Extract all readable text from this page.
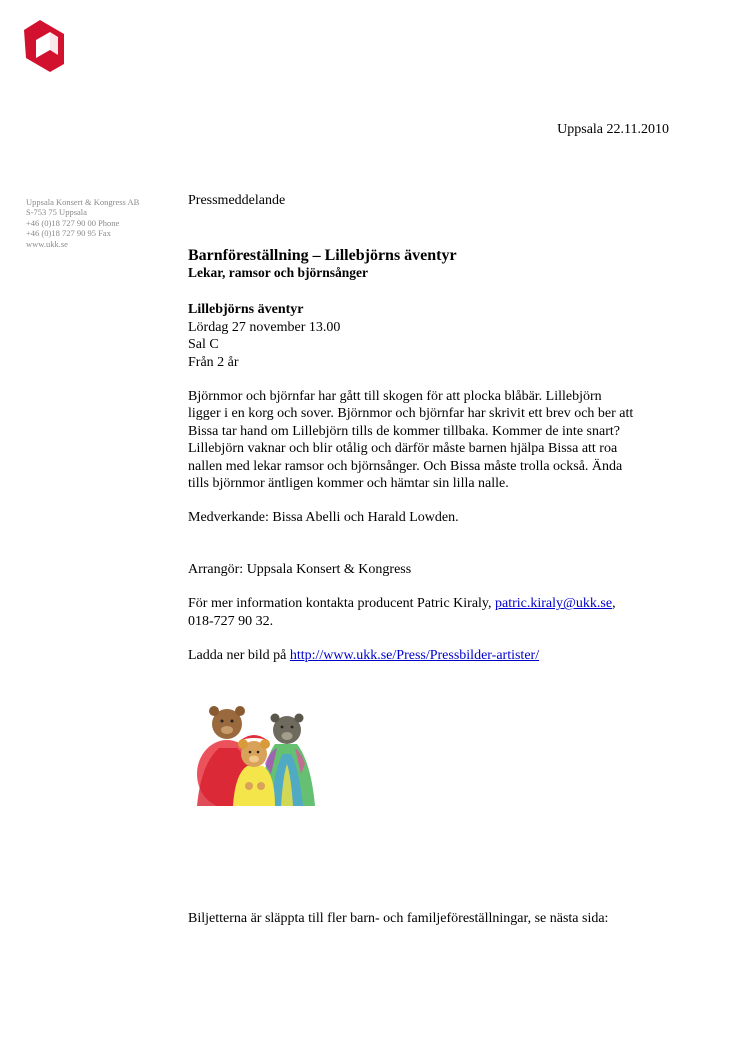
Uppsala 22.11.2010
Uppsala Konsert & Kongress AB
S-753 75 Uppsala
+46 (0)18 727 90 00 Phone
+46 (0)18 727 90 95 Fax
www.ukk.se

Pressmeddelande

Barnföreställning – Lillebjörns äventyr
Lekar, ramsor och björnsånger

Lillebjörns äventyr

Lördag 27 november 13.00

Sal C

Från 2 år

Björnmor och björnfar har gått till skogen för att plocka blåbär. Lillebjörn

ligger i en korg och sover. Björnmor och björnfar har skrivit ett brev och ber att

Bissa tar hand om Lillebjörn tills de kommer tillbaka. Kommer de inte snart?

Lillebjörn vaknar och blir otålig och därför måste barnen hjälpa Bissa att roa

nallen med lekar ramsor och björnsånger. Och Bissa måste trolla också. Ända

tills björnmor äntligen kommer och hämtar sin lilla nalle.

Medverkande: Bissa Abelli och Harald Lowden.

Arrangör: Uppsala Konsert & Kongress

För mer information kontakta producent Patric Kiraly, patric.kiraly@ukk.se,

018-727 90 32.

Ladda ner bild på http://www.ukk.se/Press/Pressbilder-artister/

Biljetterna är släppta till fler barn- och familjeföreställningar, se nästa sida:
